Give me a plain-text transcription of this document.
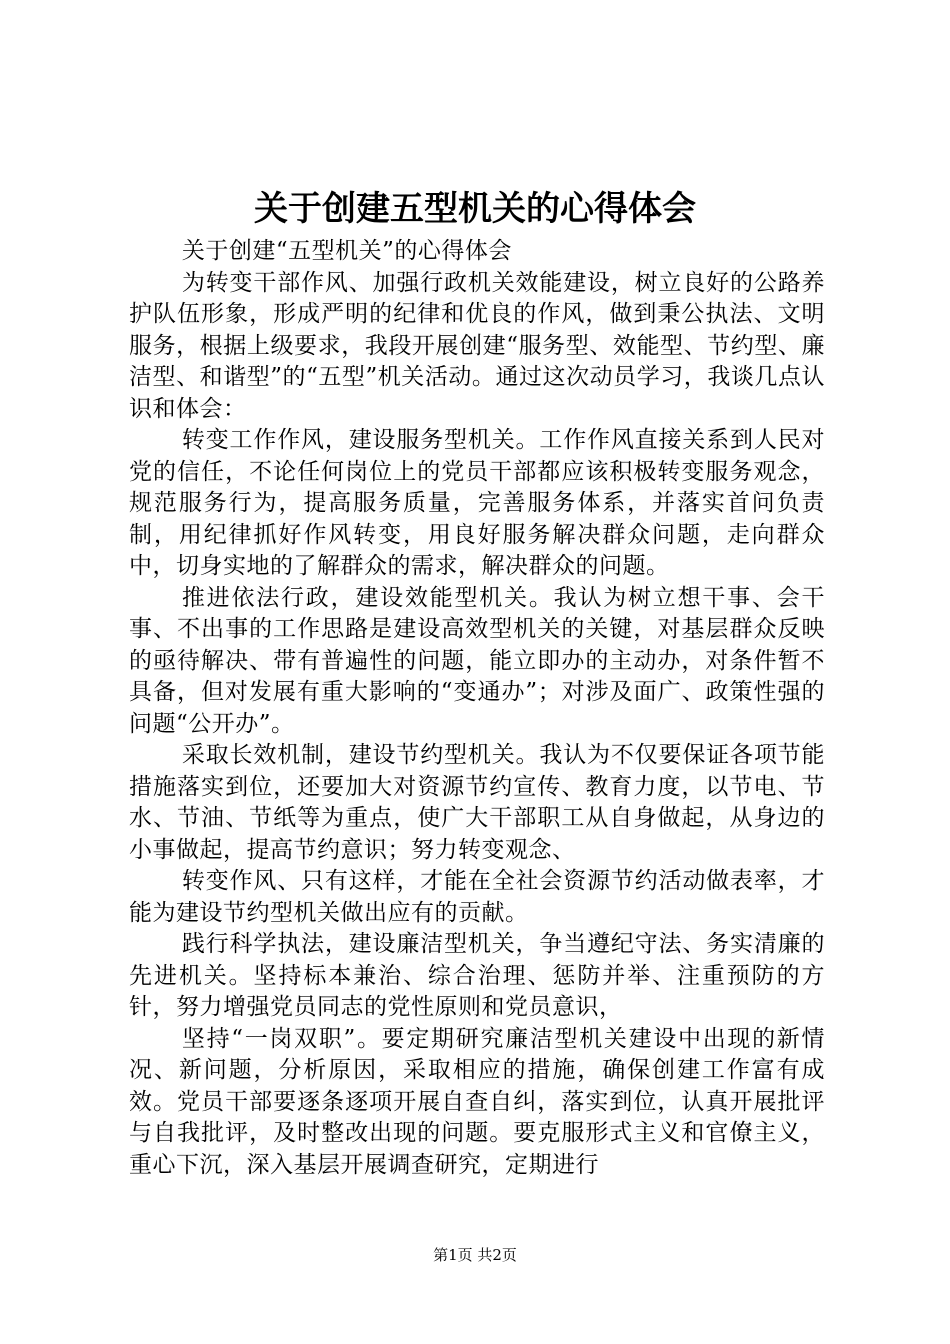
关于创建五型机关的心得体会

关于创建“五型机关”的心得体会

为转变干部作风、加强行政机关效能建设，树立良好的公路养护队伍形象，形成严明的纪律和优良的作风，做到秉公执法、文明服务，根据上级要求，我段开展创建“服务型、效能型、节约型、廉洁型、和谐型”的“五型”机关活动。通过这次动员学习，我谈几点认识和体会：

转变工作作风，建设服务型机关。工作作风直接关系到人民对党的信任，不论任何岗位上的党员干部都应该积极转变服务观念，规范服务行为，提高服务质量，完善服务体系，并落实首问负责制，用纪律抓好作风转变，用良好服务解决群众问题，走向群众中，切身实地的了解群众的需求，解决群众的问题。

推进依法行政，建设效能型机关。我认为树立想干事、会干事、不出事的工作思路是建设高效型机关的关键，对基层群众反映的亟待解决、带有普遍性的问题，能立即办的主动办，对条件暂不具备，但对发展有重大影响的“变通办”；对涉及面广、政策性强的问题“公开办”。

采取长效机制，建设节约型机关。我认为不仅要保证各项节能措施落实到位，还要加大对资源节约宣传、教育力度，以节电、节水、节油、节纸等为重点，使广大干部职工从自身做起，从身边的小事做起，提高节约意识；努力转变观念、

转变作风、只有这样，才能在全社会资源节约活动做表率，才能为建设节约型机关做出应有的贡献。

践行科学执法，建设廉洁型机关，争当遵纪守法、务实清廉的先进机关。坚持标本兼治、综合治理、惩防并举、注重预防的方针，努力增强党员同志的党性原则和党员意识，

坚持“一岗双职”。要定期研究廉洁型机关建设中出现的新情况、新问题，分析原因，采取相应的措施，确保创建工作富有成效。党员干部要逐条逐项开展自查自纠，落实到位，认真开展批评与自我批评，及时整改出现的问题。要克服形式主义和官僚主义，重心下沉，深入基层开展调查研究，定期进行

第1页 共2页
